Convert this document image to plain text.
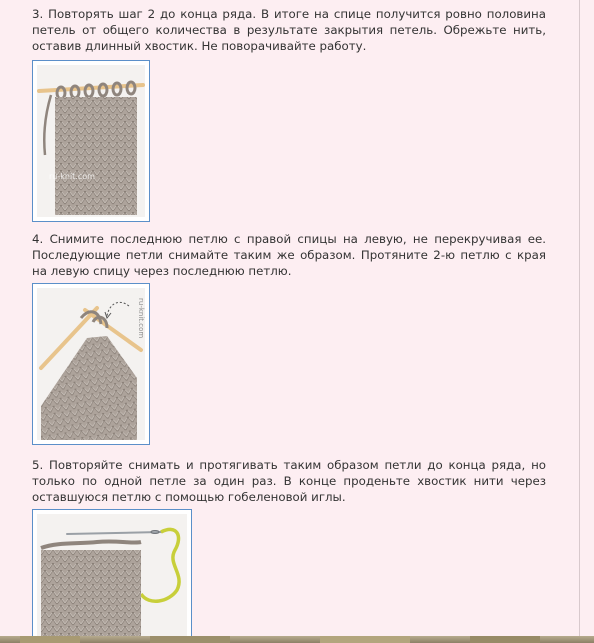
3. Повторять шаг 2 до конца ряда. В итоге на спице получится ровно половина петель от общего количества в результате закрытия петель. Обрежьте нить, оставив длинный хвостик. Не поворачивайте работу.

ru-knit.com

4. Снимите последнюю петлю с правой спицы на левую, не перекручивая ее. Последующие петли снимайте таким же образом. Протяните 2-ю петлю с края на левую спицу через последнюю петлю.

ru-knit.com

5. Повторяйте снимать и протягивать таким образом петли до конца ряда, но только по одной петле за один раз. В конце проденьте хвостик нити через оставшуюся петлю с помощью гобеленовой иглы.
